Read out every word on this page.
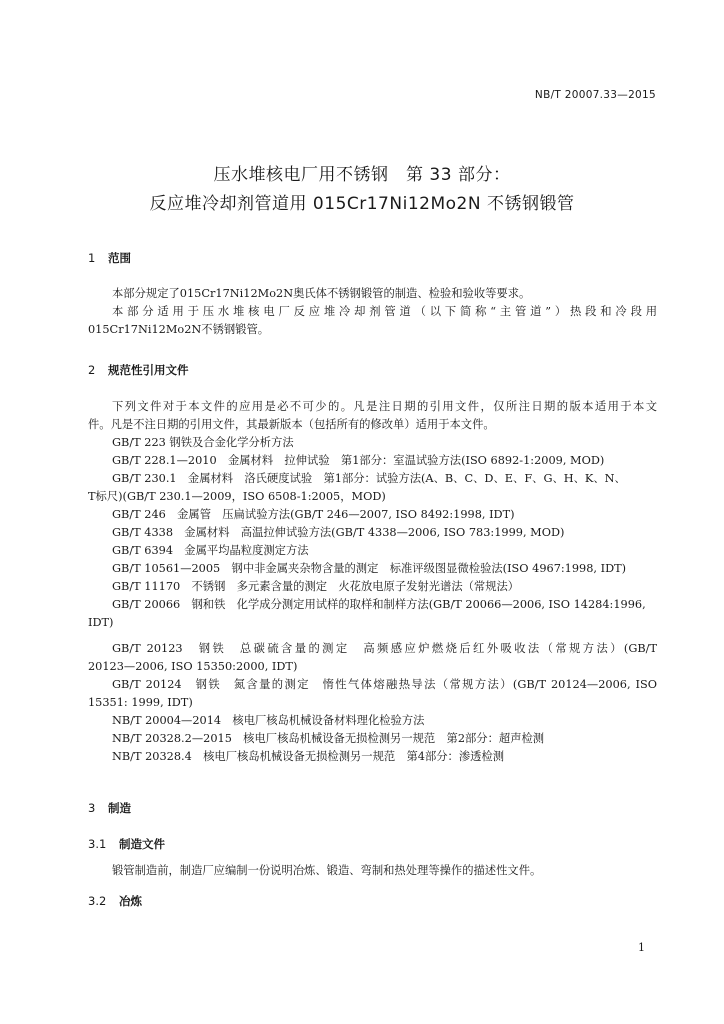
NB/T 20007.33—2015
压水堆核电厂用不锈钢　第 33 部分：
反应堆冷却剂管道用 015Cr17Ni12Mo2N 不锈钢锻管
1 范围
本部分规定了015Cr17Ni12Mo2N奥氏体不锈钢锻管的制造、检验和验收等要求。
本部分适用于压水堆核电厂反应堆冷却剂管道（以下简称“主管道”）热段和冷段用
015Cr17Ni12Mo2N不锈钢锻管。
2 规范性引用文件
下列文件对于本文件的应用是必不可少的。凡是注日期的引用文件，仅所注日期的版本适用于本文
件。凡是不注日期的引用文件，其最新版本（包括所有的修改单）适用于本文件。
GB/T 223 钢铁及合金化学分析方法
GB/T 228.1—2010　金属材料　拉伸试验　第1部分：室温试验方法(ISO 6892-1:2009, MOD)
GB/T 230.1　金属材料　洛氏硬度试验　第1部分：试验方法(A、B、C、D、E、F、G、H、K、N、
T标尺)(GB/T 230.1—2009，ISO 6508-1:2005，MOD)
GB/T 246　金属管　压扁试验方法(GB/T 246—2007, ISO 8492:1998, IDT)
GB/T 4338　金属材料　高温拉伸试验方法(GB/T 4338—2006, ISO 783:1999, MOD)
GB/T 6394　金属平均晶粒度测定方法
GB/T 10561—2005　钢中非金属夹杂物含量的测定　标准评级图显微检验法(ISO 4967:1998, IDT)
GB/T 11170　不锈钢　多元素含量的测定　火花放电原子发射光谱法（常规法）
GB/T 20066　钢和铁　化学成分测定用试样的取样和制样方法(GB/T 20066—2006, ISO 14284:1996,
IDT)
GB/T 20123　钢铁　总碳硫含量的测定　高频感应炉燃烧后红外吸收法（常规方法）(GB/T
20123—2006, ISO 15350:2000, IDT)
GB/T 20124　钢铁　氮含量的测定　惰性气体熔融热导法（常规方法）(GB/T 20124—2006, ISO
15351: 1999, IDT)
NB/T 20004—2014　核电厂核岛机械设备材料理化检验方法
NB/T 20328.2—2015　核电厂核岛机械设备无损检测另一规范　第2部分：超声检测
NB/T 20328.4　核电厂核岛机械设备无损检测另一规范　第4部分：渗透检测
3 制造
3.1 制造文件
锻管制造前，制造厂应编制一份说明冶炼、锻造、弯制和热处理等操作的描述性文件。
3.2 冶炼
1
